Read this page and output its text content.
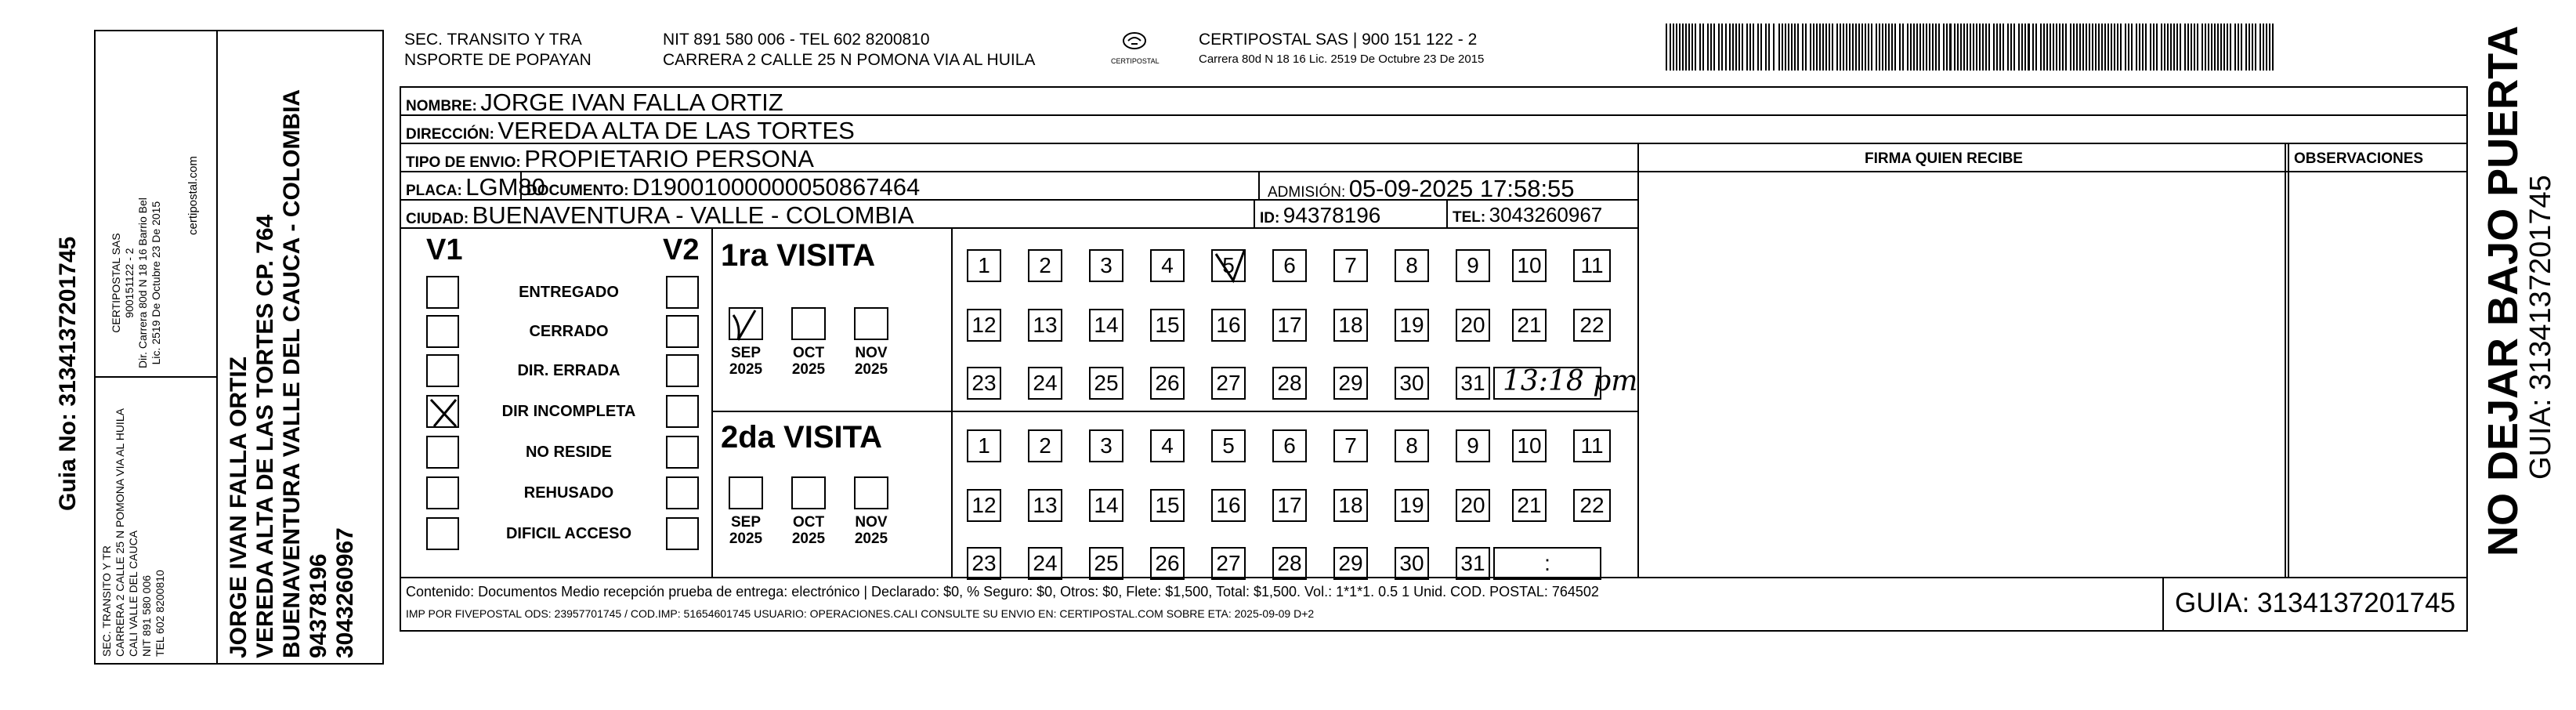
Guia No: 3134137201745
SEC. TRANSITO Y TR CARRERA 2 CALLE 25 N POMONA VIA AL HUILA CALI VALLE DEL CAUCA NIT 891 580 006 TEL 602 8200810
CERTIPOSTAL SAS 900151122 - 2 Dir. Carrera 80d N 18 16 Barrio Bel Lic. 2519 De Octubre 23 De 2015
certipostal.com
JORGE IVAN FALLA ORTIZ VEREDA ALTA DE LAS TORTES CP. 764 BUENAVENTURA VALLE DEL CAUCA - COLOMBIA 94378196 3043260967
SEC. TRANSITO Y TRA
NSPORTE DE POPAYAN
NIT 891 580 006 - TEL 602 8200810
CARRERA 2 CALLE 25 N POMONA VIA AL HUILA	CERTIPOSTAL
CERTIPOSTAL SAS | 900 151 122 - 2
Carrera 80d N 18 16 Lic. 2519 De Octubre 23 De 2015
NOMBRE: JORGE IVAN FALLA ORTIZ
DIRECCIÓN: VEREDA ALTA DE LAS TORTES
TIPO DE ENVIO: PROPIETARIO PERSONA
PLACA: LGM80
DOCUMENTO: D19001000000050867464	ADMISIÓN: 05-09-2025 17:58:55
CIUDAD: BUENAVENTURA - VALLE - COLOMBIA	ID: 94378196	TEL: 3043260967
FIRMA QUIEN RECIBE	OBSERVACIONES
V1	V2
ENTREGADO
CERRADO
DIR. ERRADA
DIR INCOMPLETA
NO RESIDE
REHUSADO
DIFICIL ACCESO
1ra VISITA
2da VISITA
SEP
2025
OCT
2025
NOV
2025
SEP
2025
OCT
2025
NOV
2025
1 2 3 4 5 6 7 8 9 10 11
12 13 14 15 16 17 18 19 20 21 22
23 24 25 26 27 28 29 30 31 13:18 pm
1 2 3 4 5 6 7 8 9 10 11
12 13 14 15 16 17 18 19 20 21 22
23 24 25 26 27 28 29 30 31	:
Contenido: Documentos Medio recepción prueba de entrega: electrónico | Declarado: $0, % Seguro: $0, Otros: $0, Flete: $1,500, Total: $1,500. Vol.: 1*1*1. 0.5 1 Unid. COD. POSTAL: 764502
IMP POR FIVEPOSTAL ODS: 23957701745 / COD.IMP: 51654601745 USUARIO: OPERACIONES.CALI CONSULTE SU ENVIO EN: CERTIPOSTAL.COM SOBRE ETA: 2025-09-09 D+2	GUIA: 3134137201745
NO DEJAR BAJO PUERTA
GUIA: 3134137201745
